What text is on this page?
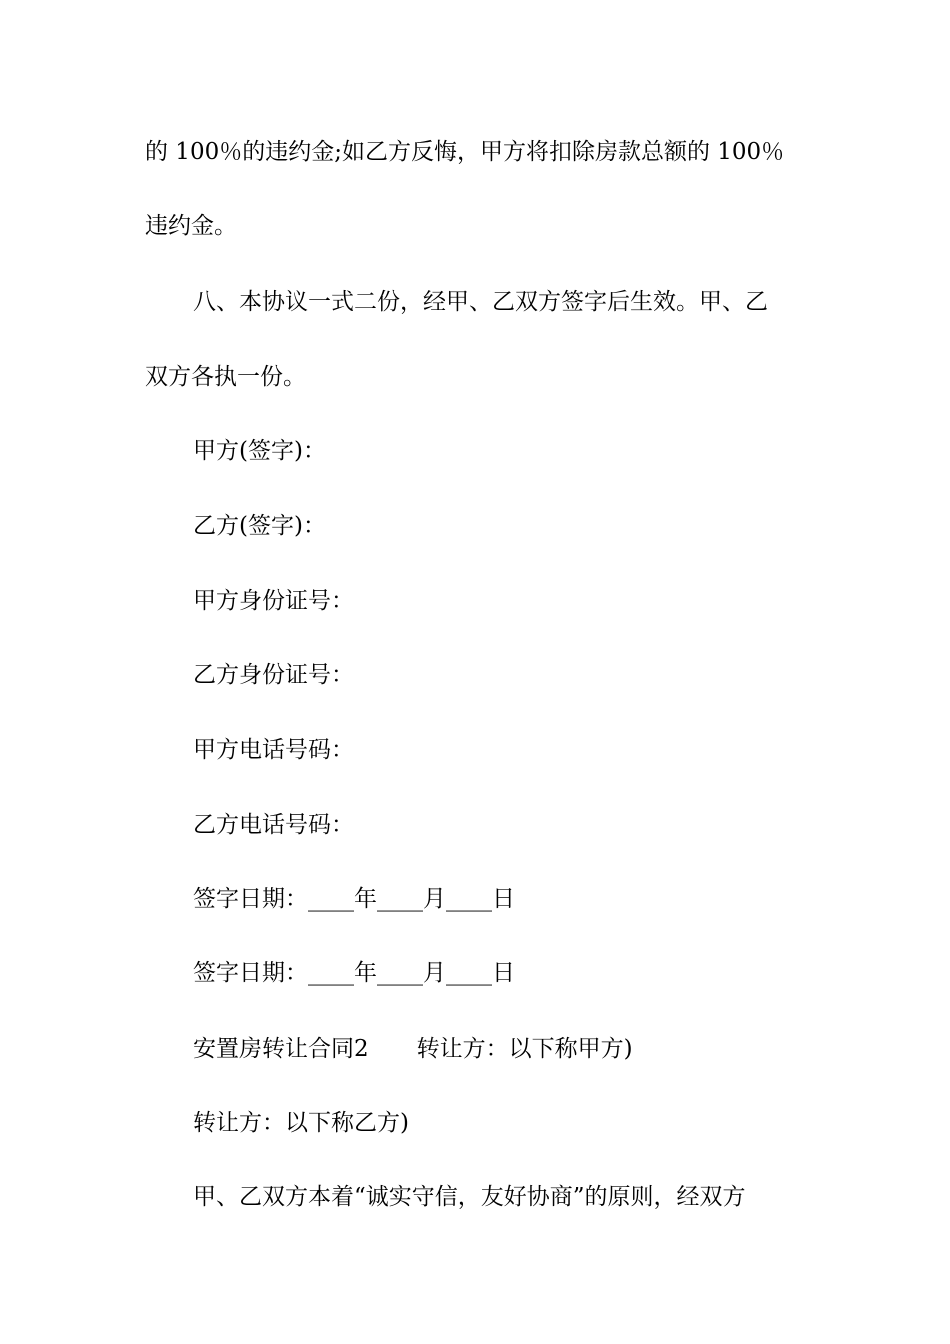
的 100％的违约金;如乙方反悔，甲方将扣除房款总额的 100％

违约金。

八、本协议一式二份，经甲、乙双方签字后生效。甲、乙

双方各执一份。

甲方(签字)：

乙方(签字)：

甲方身份证号：

乙方身份证号：

甲方电话号码：

乙方电话号码：

签字日期：____年____月____日

签字日期：____年____月____日

安置房转让合同2 转让方：以下称甲方)

转让方：以下称乙方)

甲、乙双方本着“诚实守信，友好协商”的原则，经双方
